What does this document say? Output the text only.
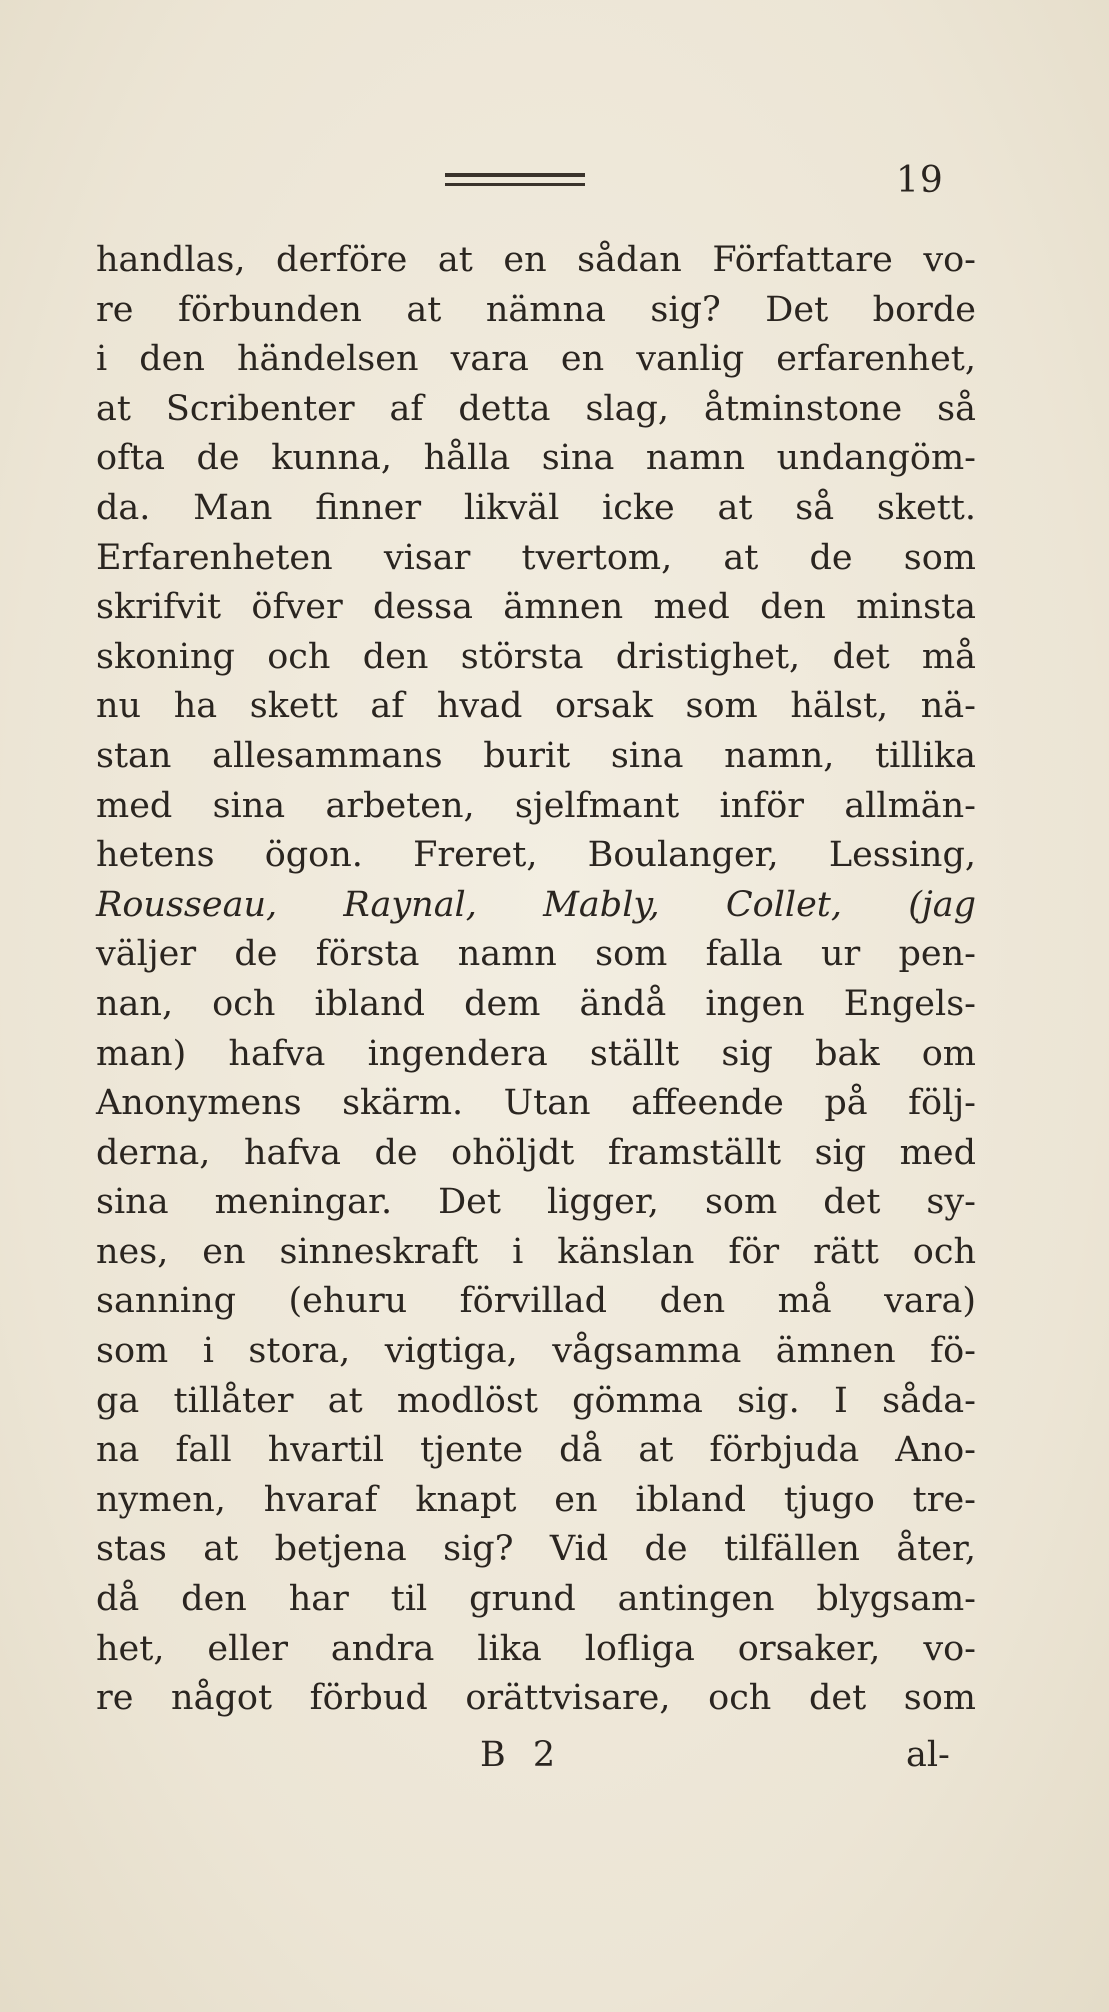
19
handlas, derföre at en sådan Författare vo-
re förbunden at nämna sig? Det borde
i den händelsen vara en vanlig erfarenhet,
at Scribenter af detta slag, åtminstone så
ofta de kunna, hålla sina namn undangöm-
da. Man finner likväl icke at så skett.
Erfarenheten visar tvertom, at de som
skrifvit öfver dessa ämnen med den minsta
skoning och den största dristighet, det må
nu ha skett af hvad orsak som hälst, nä-
stan allesammans burit sina namn, tillika
med sina arbeten, sjelfmant inför allmän-
hetens ögon. Freret, Boulanger, Lessing,
Rousseau, Raynal, Mably, Collet, (jag
väljer de första namn som falla ur pen-
nan, och ibland dem ändå ingen Engels-
man) hafva ingendera ställt sig bak om
Anonymens skärm. Utan affeende på följ-
derna, hafva de ohöljdt framställt sig med
sina meningar. Det ligger, som det sy-
nes, en sinneskraft i känslan för rätt och
sanning (ehuru förvillad den må vara)
som i stora, vigtiga, vågsamma ämnen fö-
ga tillåter at modlöst gömma sig. I såda-
na fall hvartil tjente då at förbjuda Ano-
nymen, hvaraf knapt en ibland tjugo tre-
stas at betjena sig? Vid de tilfällen åter,
då den har til grund antingen blygsam-
het, eller andra lika lofliga orsaker, vo-
re något förbud orättvisare, och det som
B 2	al-
